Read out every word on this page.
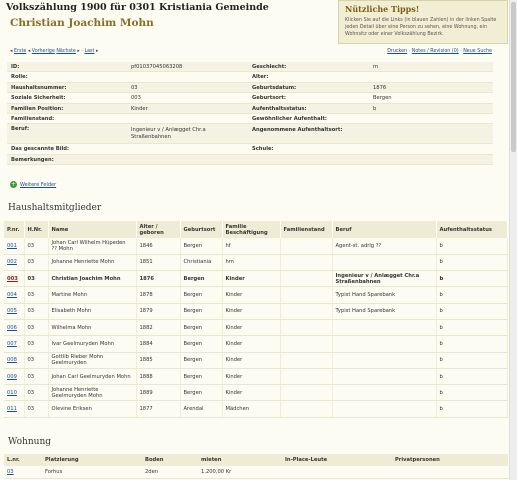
Volkszählung 1900 für 0301 Kristiania Gemeinde
Christian Joachim Mohn
Nützliche Tipps!
Klicken Sie auf die Links (in blauen Zahlen) in der linken Spalte jeden Detail über eine Person zu sehen, eine Wohnung, ein Wohnsitz oder einer Volkszählung Bezirk.
◂ Erste ◂ Vorherige Nächste ▸ · Last ▸	Drucken · Notes / Revision (0) · Neue Suche
ID:	pf01037045063208	Geschlecht:	m
Rolle:	Alter:
Haushaltsnummer:	03	Geburtsdatum:	1876
Soziale Sicherheit:	003	Geburtsort:	Bergen
Familien Position:	Kinder	Aufenthaltsstatus:	b
Familienstand:	Gewöhnlicher Aufenthalt:
Beruf:	Ingenieur v / Anlægget Chr.a Straßenbahnen
Angenommene Aufenthaltsort:
Das gescannte Bild:	Schule:
Bemerkungen:
+ Weitere Felder
Haushaltsmitglieder
P.nr.	H.Nr.	Name	Alter / geboren	Geburtsort	Familie Beschäftigung	Familienstand	Beruf	Aufenthaltsstatus
001	03	Johan Carl Wilhelm Hüpeden ?? Mohn	1846	Bergen	hf		Agent-st. adrlg ??	b
002	03	Johanne Henriette Mohn	1851	Christiania	hm			b
003	03	Christian Joachim Mohn	1876	Bergen	Kinder		Ingenieur v / Anlægget Chr.a Straßenbahnen	b
004	03	Martine Mohn	1878	Bergen	Kinder		Typist Hand Sparebank	b
005	03	Elisabeth Mohn	1879	Bergen	Kinder		Typist Hand Sparebank	b
006	03	Wilhelma Mohn	1882	Bergen	Kinder			b
007	03	Ivar Geelmuryden Mohn	1884	Bergen	Kinder			b
008	03	Gottlib Rieber Mohn Geelmuryden	1885	Bergen	Kinder			b
009	03	Johan Carl Geelmuryden Mohn	1888	Bergen	Kinder			b
010	03	Johanne Henriette Geelmuryden Mohn	1889	Bergen	Kinder			b
011	03	Olevine Eriksen	1877	Arendal	Mädchen			b
Wohnung
L.nr.	Platzierung	Boden	mieten	In-Place-Leute	Privatpersonen
03	Forhus	2den	1.200,00 Kr		
